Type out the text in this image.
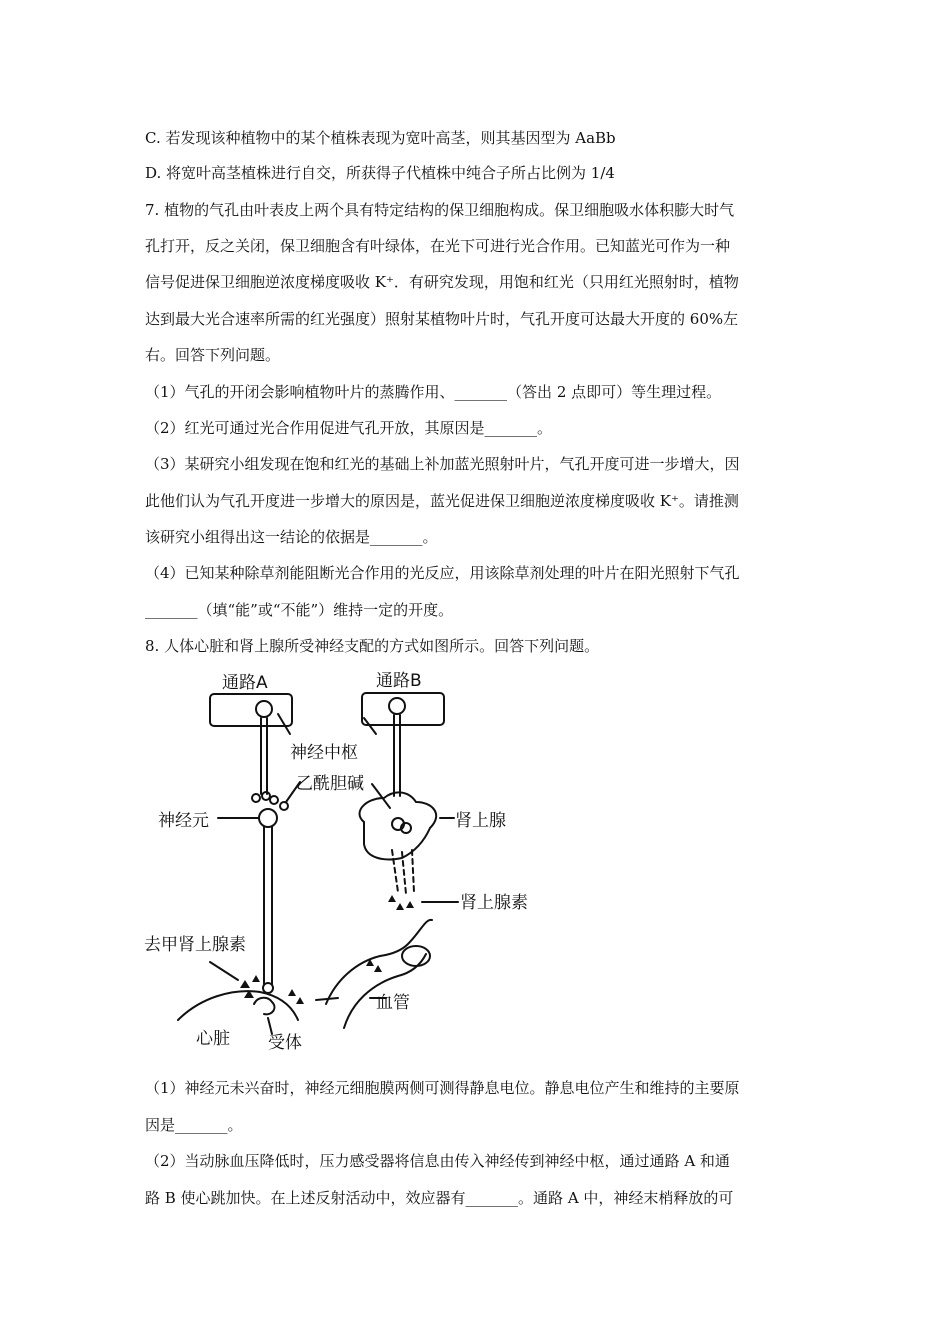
C. 若发现该种植物中的某个植株表现为宽叶高茎，则其基因型为 AaBb
D. 将宽叶高茎植株进行自交，所获得子代植株中纯合子所占比例为 1/4
7. 植物的气孔由叶表皮上两个具有特定结构的保卫细胞构成。保卫细胞吸水体积膨大时气
孔打开，反之关闭，保卫细胞含有叶绿体，在光下可进行光合作用。已知蓝光可作为一种
信号促进保卫细胞逆浓度梯度吸收 K⁺．有研究发现，用饱和红光（只用红光照射时，植物
达到最大光合速率所需的红光强度）照射某植物叶片时，气孔开度可达最大开度的 60%左
右。回答下列问题。
（1）气孔的开闭会影响植物叶片的蒸腾作用、_______（答出 2 点即可）等生理过程。
（2）红光可通过光合作用促进气孔开放，其原因是_______。
（3）某研究小组发现在饱和红光的基础上补加蓝光照射叶片，气孔开度可进一步增大，因
此他们认为气孔开度进一步增大的原因是，蓝光促进保卫细胞逆浓度梯度吸收 K⁺。请推测
该研究小组得出这一结论的依据是_______。
（4）已知某种除草剂能阻断光合作用的光反应，用该除草剂处理的叶片在阳光照射下气孔
_______（填“能”或“不能”）维持一定的开度。
8. 人体心脏和肾上腺所受神经支配的方式如图所示。回答下列问题。
通路A	通路B
神经中枢
乙酰胆碱
神经元	肾上腺
肾上腺素
去甲肾上腺素
血管
心脏 受体
（1）神经元未兴奋时，神经元细胞膜两侧可测得静息电位。静息电位产生和维持的主要原
因是_______。
（2）当动脉血压降低时，压力感受器将信息由传入神经传到神经中枢，通过通路 A 和通
路 B 使心跳加快。在上述反射活动中，效应器有_______。通路 A 中，神经末梢释放的可
